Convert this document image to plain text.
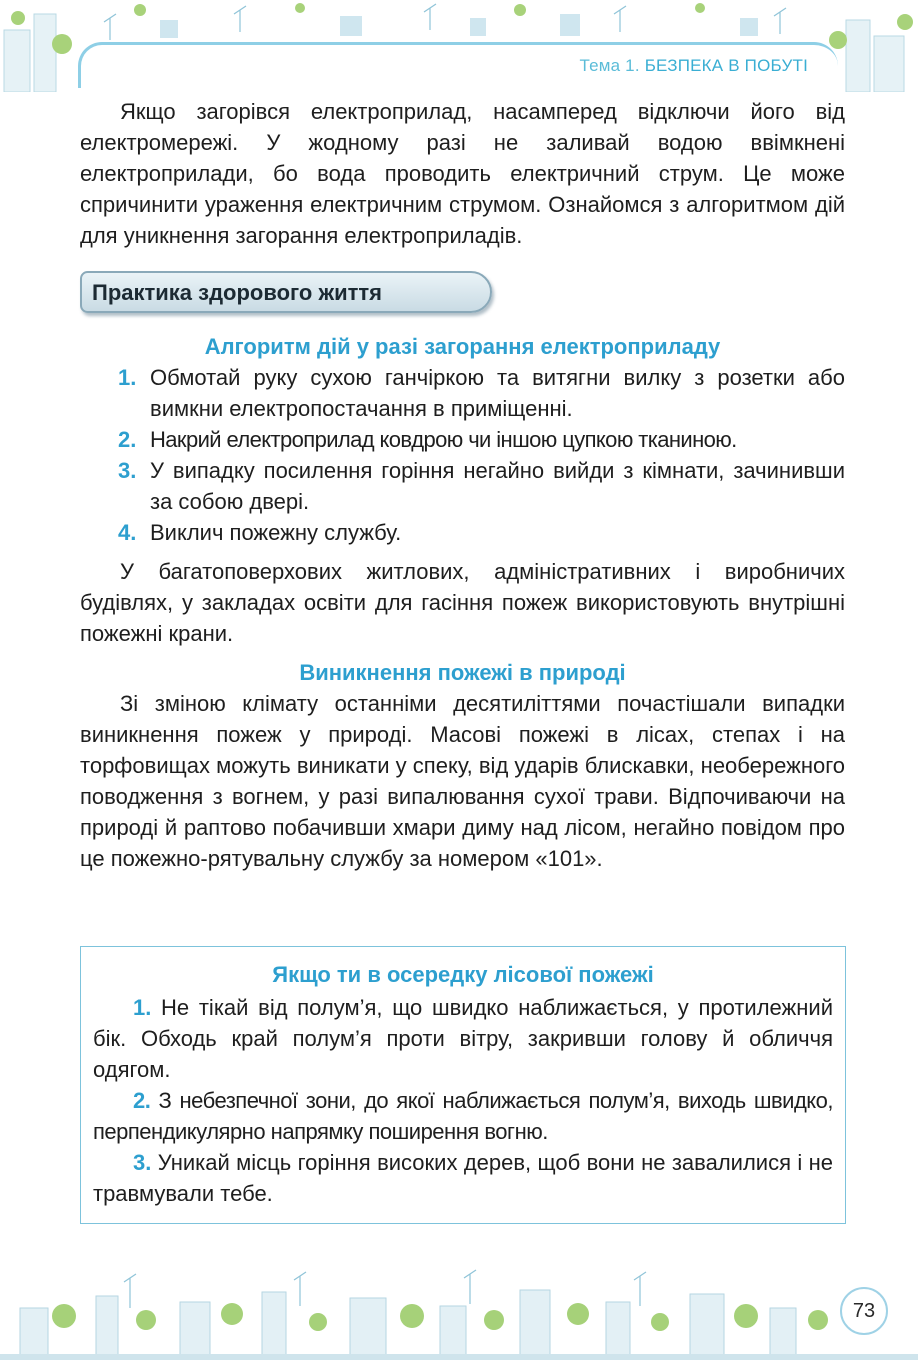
Тема 1. БЕЗПЕКА В ПОБУТІ

Якщо загорівся електроприлад, насамперед відключи його від електромережі. У жодному разі не заливай водою ввімкнені електроприлади, бо вода проводить електричний струм. Це може спричинити ураження електричним струмом. Ознайомся з алгоритмом дій для уникнення загорання електроприладів.

Практика здорового життя

Алгоритм дій у разі загорання електроприладу

1. Обмотай руку сухою ганчіркою та витягни вилку з розетки або вимкни електропостачання в приміщенні.
2. Накрий електроприлад ковдрою чи іншою цупкою тканиною.
3. У випадку посилення горіння негайно вийди з кімнати, зачинивши за собою двері.
4. Виклич пожежну службу.

У багатоповерхових житлових, адміністративних і виробничих будівлях, у закладах освіти для гасіння пожеж використовують внутрішні пожежні крани.

Виникнення пожежі в природі

Зі зміною клімату останніми десятиліттями почастішали випадки виникнення пожеж у природі. Масові пожежі в лісах, степах і на торфовищах можуть виникати у спеку, від ударів блискавки, необережного поводження з вогнем, у разі випалювання сухої трави. Відпочиваючи на природі й раптово побачивши хмари диму над лісом, негайно повідом про це пожежно-рятувальну службу за номером «101».

Якщо ти в осередку лісової пожежі

1. Не тікай від полум’я, що швидко наближається, у протилежний бік. Обходь край полум’я проти вітру, закривши голову й обличчя одягом.

2. З небезпечної зони, до якої наближається полум’я, виходь швидко, перпендикулярно напрямку поширення вогню.

3. Уникай місць горіння високих дерев, щоб вони не завалилися і не травмували тебе.

73
